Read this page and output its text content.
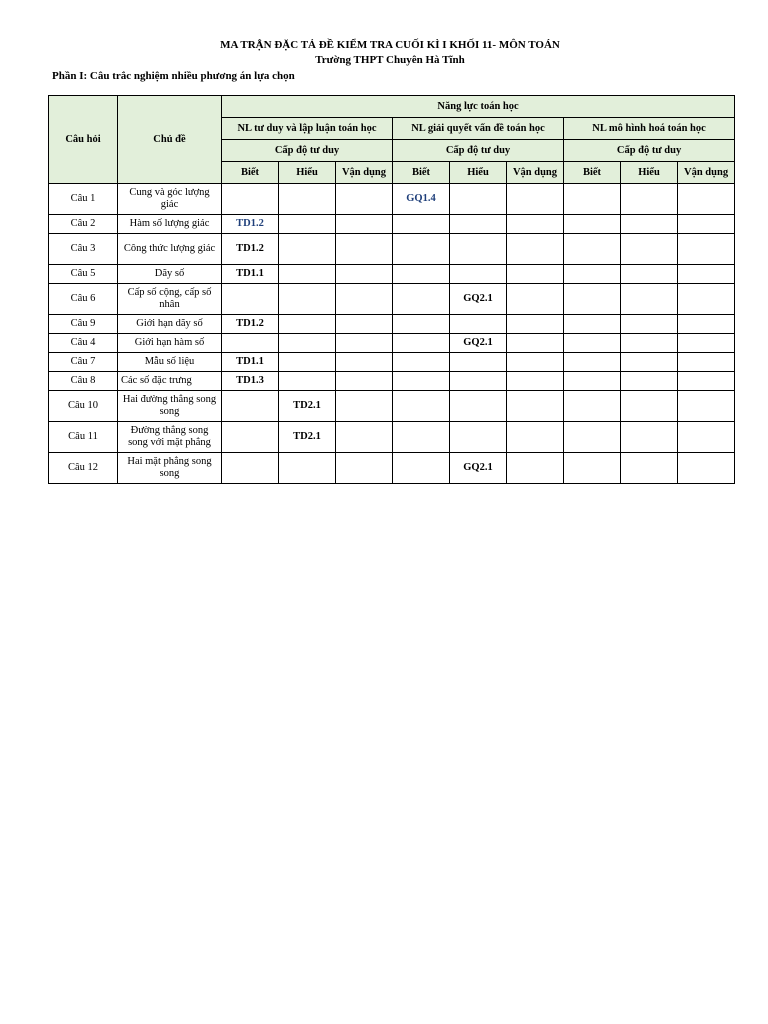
MA TRẬN ĐẶC TẢ ĐỀ KIỂM TRA CUỐI KÌ I KHỐI 11- MÔN TOÁN
Trường THPT Chuyên Hà Tĩnh
Phần I: Câu trắc nghiệm nhiều phương án lựa chọn
Câu hỏi	Chủ đề	Năng lực toán học								
		NL tư duy và lập luận toán học			NL giải quyết vấn đề toán học			NL mô hình hoá toán học		
		Cấp độ tư duy			Cấp độ tư duy			Cấp độ tư duy		
		Biết	Hiểu	Vận dụng	Biết	Hiểu	Vận dụng	Biết	Hiểu	Vận dụng
Câu 1	Cung và góc lượng giác				GQ1.4					
Câu 2	Hàm số lượng giác	TD1.2								
Câu 3	Công thức lượng giác	TD1.2								
Câu 5	Dãy số	TD1.1								
Câu 6	Cấp số cộng, cấp số nhân					GQ2.1				
Câu 9	Giới hạn dãy số	TD1.2								
Câu 4	Giới hạn hàm số					GQ2.1				
Câu 7	Mẫu số liệu	TD1.1								
Câu 8	Các số đặc trưng	TD1.3								
Câu 10	Hai đường thẳng song song		TD2.1							
Câu 11	Đường thẳng song song với mặt phẳng		TD2.1							
Câu 12	Hai mặt phẳng song song					GQ2.1				
